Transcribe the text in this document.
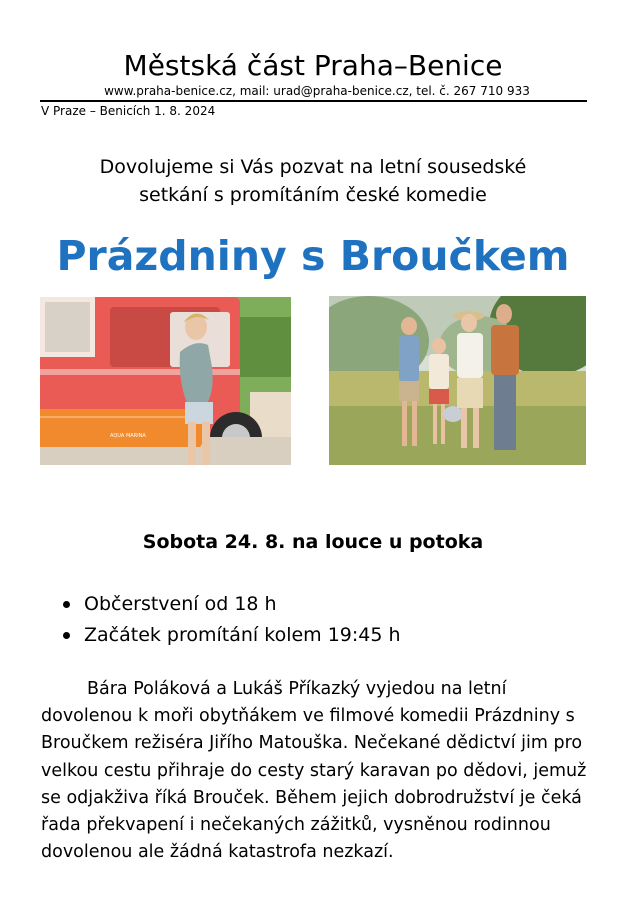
Městská část Praha–Benice
www.praha-benice.cz, mail: urad@praha-benice.cz, tel. č. 267 710 933
V Praze – Benicích 1. 8. 2024
Dovolujeme si Vás pozvat na letní sousedské
setkání s promítáním české komedie
Prázdniny s Broučkem
AQUA MARINA
Sobota 24. 8. na louce u potoka
Občerstvení od 18 h
Začátek promítání kolem 19:45 h

Bára Poláková a Lukáš Příkazký vyjedou na letní dovolenou k moři obytňákem ve filmové komedii Prázdniny s Broučkem režiséra Jiřího Matouška. Nečekané dědictví jim pro velkou cestu přihraje do cesty starý karavan po dědovi, jemuž se odjakživa říká Brouček. Během jejich dobrodružství je čeká řada překvapení i nečekaných zážitků, vysněnou rodinnou dovolenou ale žádná katastrofa nezkazí.
